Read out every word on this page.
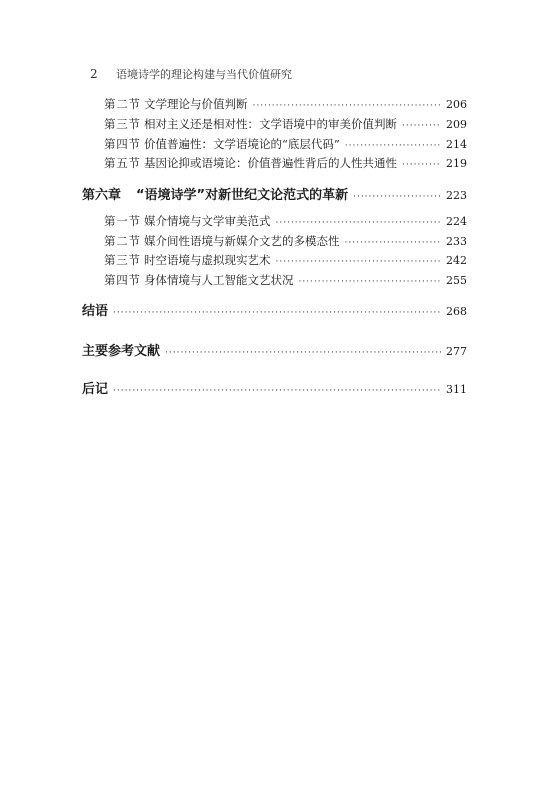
2 语境诗学的理论构建与当代价值研究
第二节 文学理论与价值判断 ·····	206
第三节 相对主义还是相对性：文学语境中的审美价值判断 ·····	209
第四节 价值普遍性：文学语境论的“底层代码” ·····	214
第五节 基因论抑或语境论：价值普遍性背后的人性共通性 ·····	219
第六章	“语境诗学”对新世纪文论范式的革新 ·····	223
第一节 媒介情境与文学审美范式 ·····	224
第二节 媒介间性语境与新媒介文艺的多模态性 ·····	233
第三节 时空语境与虚拟现实艺术 ·····	242
第四节 身体情境与人工智能文艺状况 ·····	255
结语 ·····	268
主要参考文献 ·····	277
后记 ·····	311
